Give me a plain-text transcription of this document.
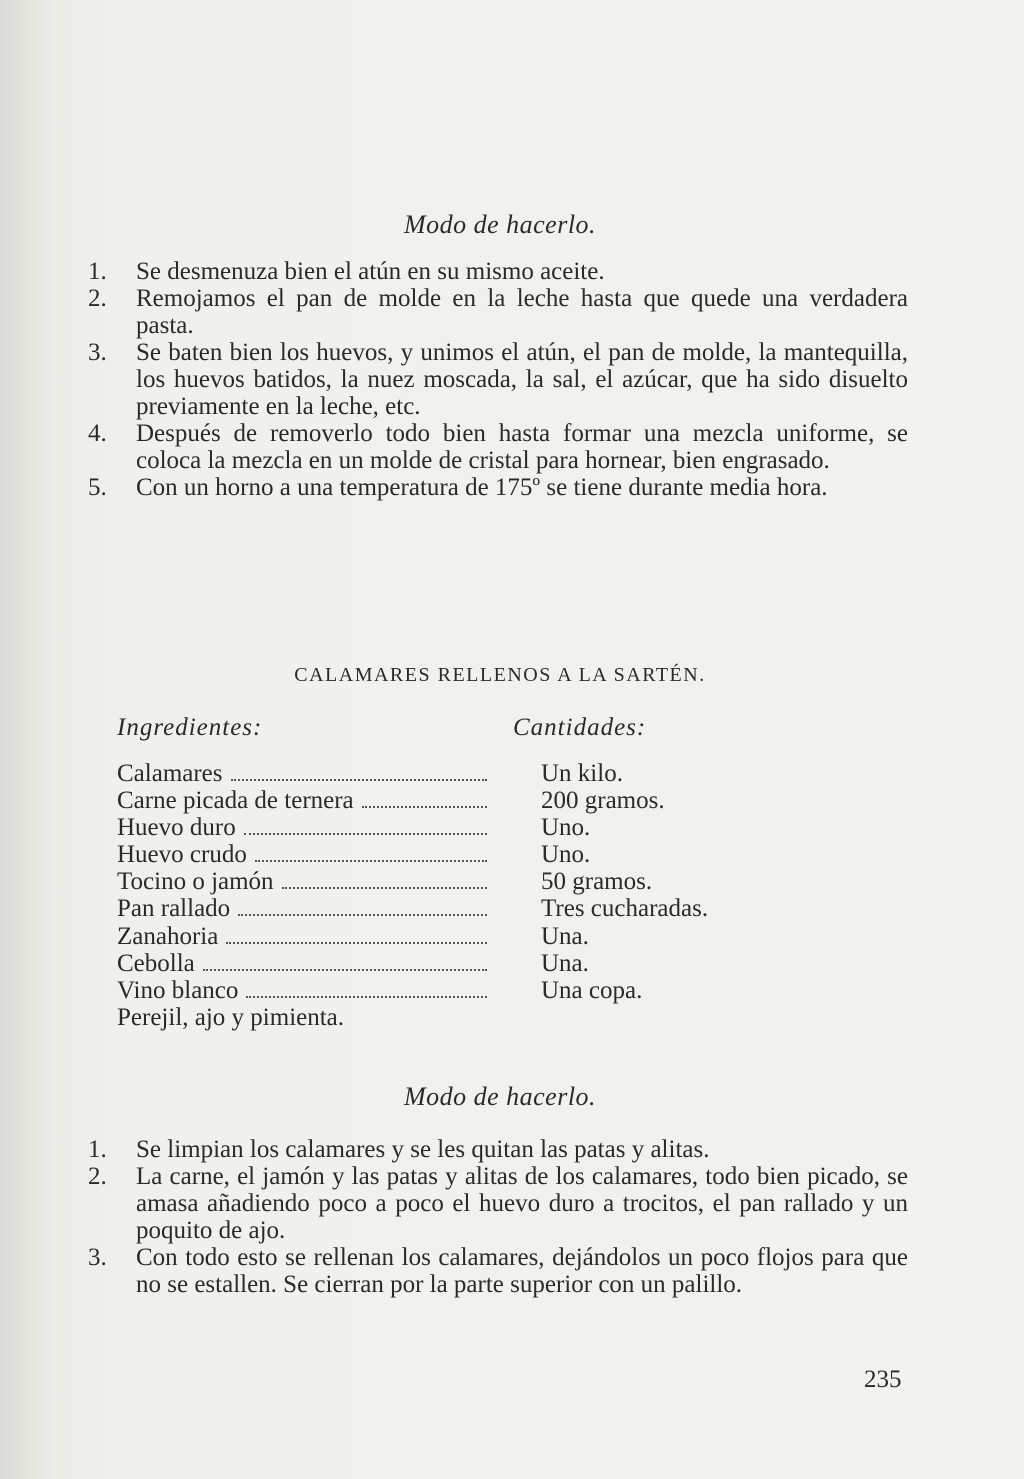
Modo de hacerlo.
1. Se desmenuza bien el atún en su mismo aceite.
2. Remojamos el pan de molde en la leche hasta que quede una verdadera pasta.
3. Se baten bien los huevos, y unimos el atún, el pan de molde, la mantequilla, los huevos batidos, la nuez moscada, la sal, el azúcar, que ha sido disuelto previamente en la leche, etc.
4. Después de removerlo todo bien hasta formar una mezcla uniforme, se coloca la mezcla en un molde de cristal para hornear, bien engrasado.
5. Con un horno a una temperatura de 175º se tiene durante media hora.
CALAMARES RELLENOS A LA SARTÉN.
Ingredientes:	Cantidades:
Calamares
Carne picada de ternera
Huevo duro
Huevo crudo
Tocino o jamón
Pan rallado
Zanahoria
Cebolla
Vino blanco
Perejil, ajo y pimienta.
Un kilo.
200 gramos.
Uno.
Uno.
50 gramos.
Tres cucharadas.
Una.
Una.
Una copa.
Modo de hacerlo.
1. Se limpian los calamares y se les quitan las patas y alitas.
2. La carne, el jamón y las patas y alitas de los calamares, todo bien picado, se amasa añadiendo poco a poco el huevo duro a trocitos, el pan rallado y un poquito de ajo.
3. Con todo esto se rellenan los calamares, dejándolos un poco flojos para que no se estallen. Se cierran por la parte superior con un palillo.
235
